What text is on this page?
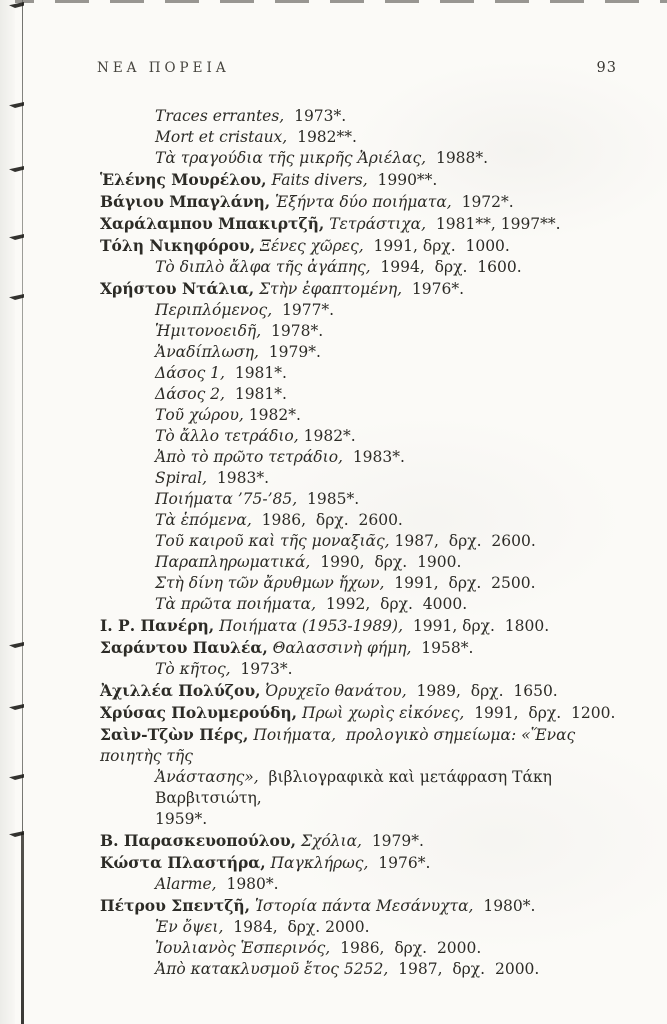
ΝΕΑ ΠΟΡΕΙΑ	93
Traces errantes,  1973*.
Mort et cristaux,  1982**.
Τὰ τραγούδια τῆς μικρῆς Ἀριέλας,  1988*.
Ἑλένης Μουρέλου, Faits divers,  1990**.
Βάγιου Μπαγλάνη, Ἑξήντα δύο ποιήματα,  1972*.
Χαράλαμπου Μπακιρτζῆ, Τετράστιχα,  1981**, 1997**.
Τόλη Νικηφόρου, Ξένες χῶρες,  1991, δρχ.  1000.
Τὸ διπλὸ ἄλφα τῆς ἀγάπης,  1994,  δρχ.  1600.
Χρήστου Ντάλια, Στὴν ἐφαπτομένη,  1976*.
Περιπλόμενος,  1977*.
Ἡμιτονοειδῆ,  1978*.
Ἀναδίπλωση,  1979*.
Δάσος 1,  1981*.
Δάσος 2,  1981*.
Τοῦ χώρου, 1982*.
Τὸ ἄλλο τετράδιο, 1982*.
Ἀπὸ τὸ πρῶτο τετράδιο,  1983*.
Spiral,  1983*.
Ποιήματα ’75-’85,  1985*.
Τὰ ἑπόμενα,  1986,  δρχ.  2600.
Τοῦ καιροῦ καὶ τῆς μοναξιᾶς, 1987,  δρχ.  2600.
Παραπληρωματικά,  1990,  δρχ.  1900.
Στὴ δίνη τῶν ἄρυθμων ἤχων,  1991,  δρχ.  2500.
Τὰ πρῶτα ποιήματα,  1992,  δρχ.  4000.
Ι. Ρ. Πανέρη, Ποιήματα (1953-1989),  1991, δρχ.  1800.
Σαράντου Παυλέα, Θαλασσινὴ φήμη,  1958*.
Τὸ κῆτος,  1973*.
Ἀχιλλέα Πολύζου, Ὀρυχεῖο θανάτου,  1989,  δρχ.  1650.
Χρύσας Πολυμερούδη, Πρωὶ χωρὶς εἰκόνες,  1991,  δρχ.  1200.
Σαὶν-Τζὼν Πέρς, Ποιήματα,  προλογικὸ σημείωμα: «Ἕνας ποιητὴς τῆς
Ἀνάστασης»,  βιβλιογραφικὰ καὶ μετάφραση Τάκη Βαρβιτσιώτη,
1959*.
Β. Παρασκευοπούλου, Σχόλια,  1979*.
Κώστα Πλαστήρα, Παγκλήρως,  1976*.
Alarme,  1980*.
Πέτρου Σπεντζῆ, Ἱστορία πάντα Μεσάνυχτα,  1980*.
Ἐν ὄψει,  1984,  δρχ. 2000.
Ἰουλιανὸς Ἑσπερινός,  1986,  δρχ.  2000.
Ἀπὸ κατακλυσμοῦ ἔτος 5252,  1987,  δρχ.  2000.
